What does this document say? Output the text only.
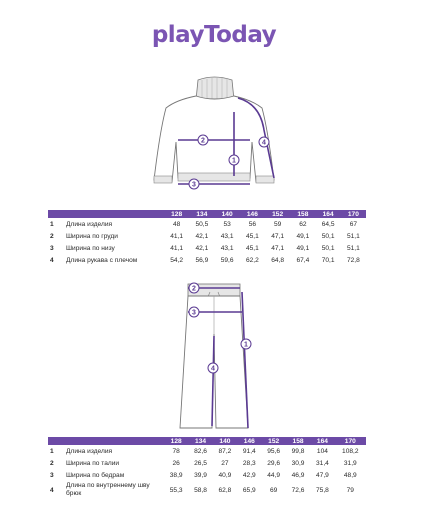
playToday
1
2
3
4
		128	134	140	146	152	158	164	170
1	Длина изделия	48	50,5	53	56	59	62	64,5	67
2	Ширина по груди	41,1	42,1	43,1	45,1	47,1	49,1	50,1	51,1
3	Ширина по низу	41,1	42,1	43,1	45,1	47,1	49,1	50,1	51,1
4	Длина рукава с плечом	54,2	56,9	59,6	62,2	64,8	67,4	70,1	72,8
1
2
3
4
		128	134	140	146	152	158	164	170
1	Длина изделия	78	82,6	87,2	91,4	95,6	99,8	104	108,2
2	Ширина по талии	26	26,5	27	28,3	29,6	30,9	31,4	31,9
3	Ширина по бедрам	38,9	39,9	40,9	42,9	44,9	46,9	47,9	48,9
4	Длина по внутреннему шву брюк	55,3	58,8	62,8	65,9	69	72,6	75,8	79
